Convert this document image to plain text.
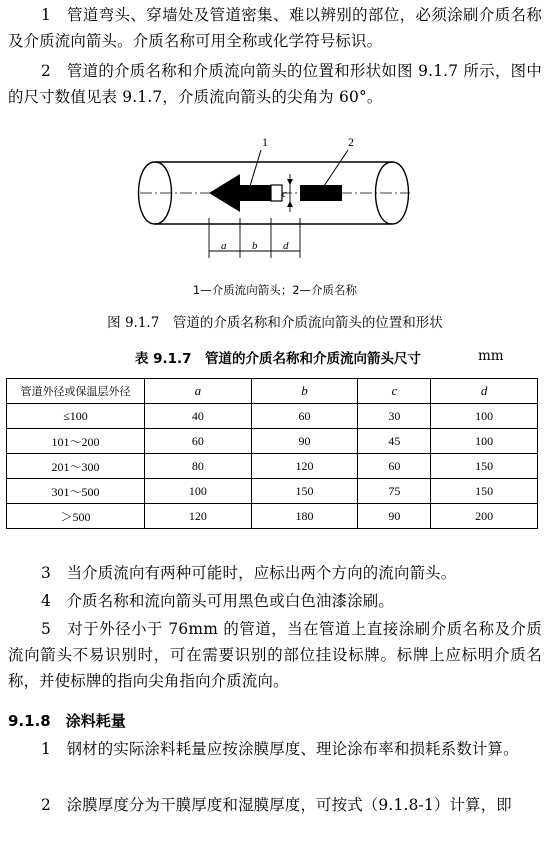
1　管道弯头、穿墙处及管道密集、难以辨别的部位，必须涂刷介质名称及介质流向箭头。介质名称可用全称或化学符号标识。
2　管道的介质名称和介质流向箭头的位置和形状如图 9.1.7 所示，图中的尺寸数值见表 9.1.7，介质流向箭头的尖角为 60°。
1	2
c
a b d
1—介质流向箭头；2—介质名称
图 9.1.7　管道的介质名称和介质流向箭头的位置和形状
表 9.1.7　管道的介质名称和介质流向箭头尺寸	mm
管道外径或保温层外径	a	b	c	d
≤100	40	60	30	100
101～200	60	90	45	100
201～300	80	120	60	150
301～500	100	150	75	150
＞500	120	180	90	200
3　当介质流向有两种可能时，应标出两个方向的流向箭头。
4　介质名称和流向箭头可用黑色或白色油漆涂刷。
5　对于外径小于 76mm 的管道，当在管道上直接涂刷介质名称及介质流向箭头不易识别时，可在需要识别的部位挂设标牌。标牌上应标明介质名称，并使标牌的指向尖角指向介质流向。
9.1.8　 涂料耗量
1　钢材的实际涂料耗量应按涂膜厚度、理论涂布率和损耗系数计算。
2　涂膜厚度分为干膜厚度和湿膜厚度，可按式（9.1.8-1）计算，即
